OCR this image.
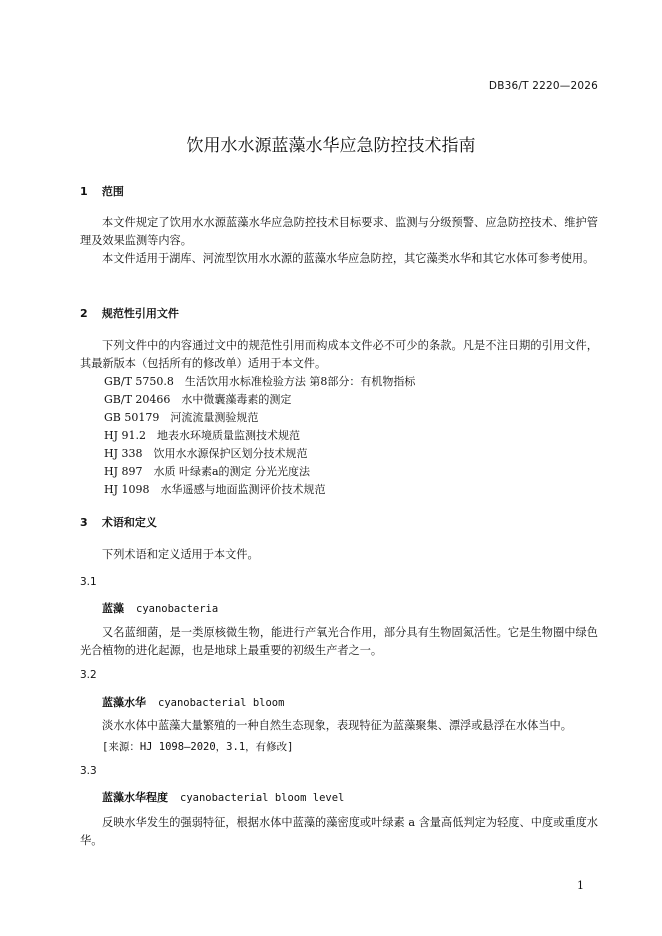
DB36/T 2220—2026
饮用水水源蓝藻水华应急防控技术指南
1 范围
本文件规定了饮用水水源蓝藻水华应急防控技术目标要求、监测与分级预警、应急防控技术、维护管理及效果监测等内容。
本文件适用于湖库、河流型饮用水水源的蓝藻水华应急防控，其它藻类水华和其它水体可参考使用。
2 规范性引用文件
下列文件中的内容通过文中的规范性引用而构成本文件必不可少的条款。凡是不注日期的引用文件，其最新版本（包括所有的修改单）适用于本文件。
GB/T 5750.8　生活饮用水标准检验方法 第8部分：有机物指标
GB/T 20466　水中微囊藻毒素的测定
GB 50179　河流流量测验规范
HJ 91.2　地表水环境质量监测技术规范
HJ 338　饮用水水源保护区划分技术规范
HJ 897　水质 叶绿素a的测定 分光光度法
HJ 1098　水华遥感与地面监测评价技术规范
3 术语和定义
下列术语和定义适用于本文件。
3.1
蓝藻 cyanobacteria
又名蓝细菌，是一类原核微生物，能进行产氧光合作用，部分具有生物固氮活性。它是生物圈中绿色光合植物的进化起源，也是地球上最重要的初级生产者之一。
3.2
蓝藻水华 cyanobacterial bloom
淡水水体中蓝藻大量繁殖的一种自然生态现象，表现特征为蓝藻聚集、漂浮或悬浮在水体当中。
[来源：HJ 1098—2020，3.1，有修改]
3.3
蓝藻水华程度 cyanobacterial bloom level
反映水华发生的强弱特征，根据水体中蓝藻的藻密度或叶绿素 a 含量高低判定为轻度、中度或重度水华。
1
